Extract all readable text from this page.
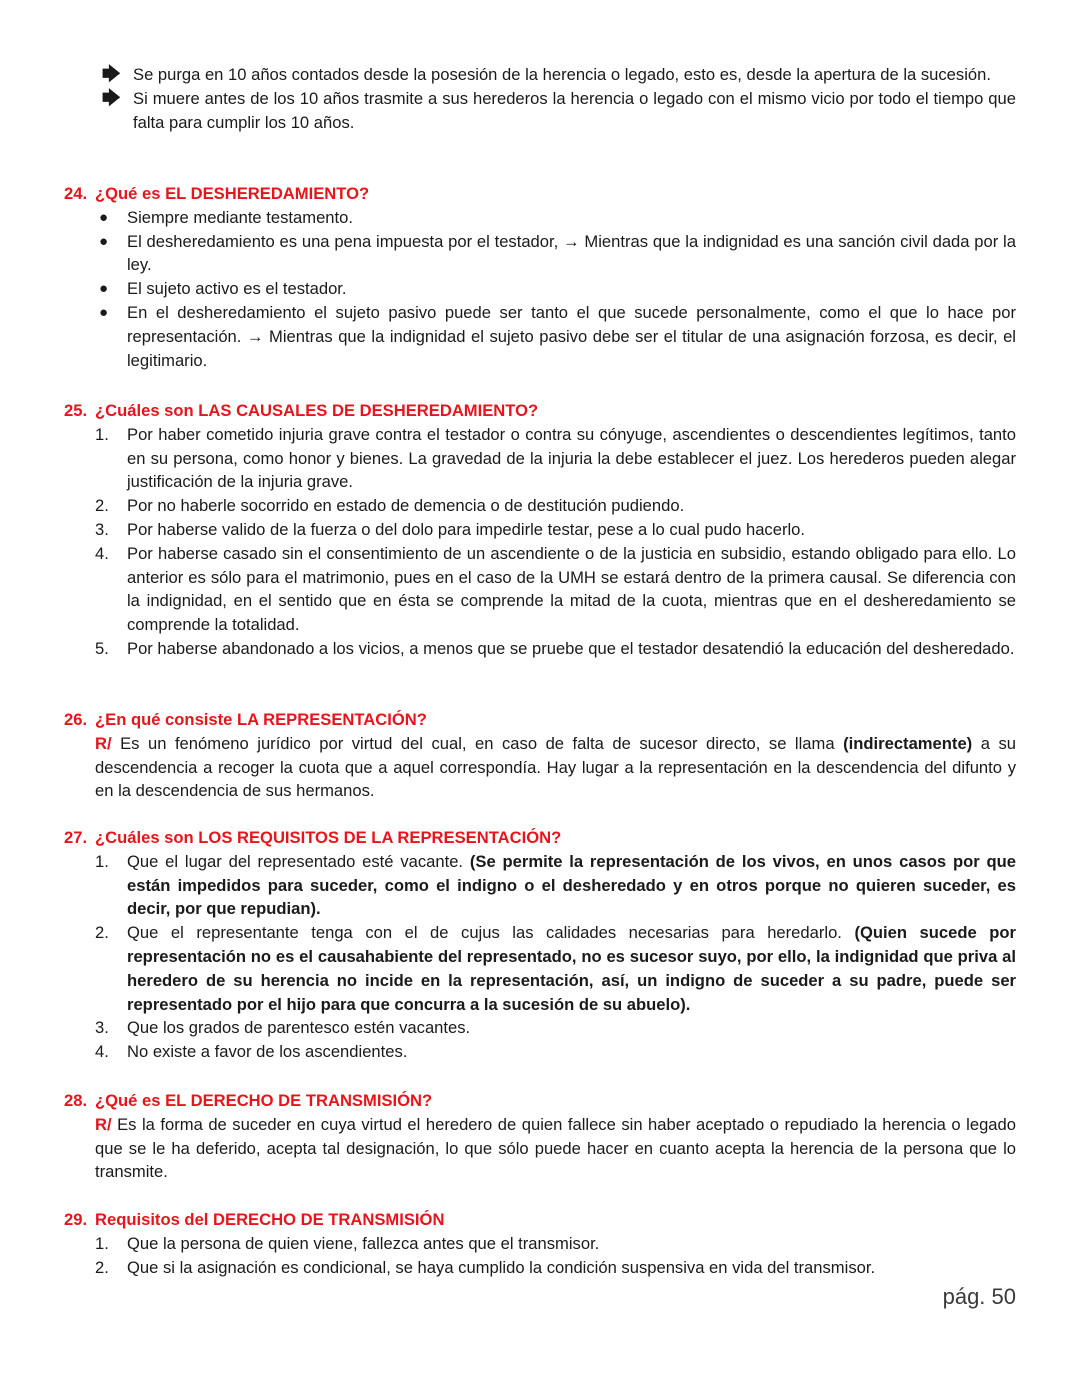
🡆 Se purga en 10 años contados desde la posesión de la herencia o legado, esto es, desde la apertura de la sucesión.
🡆 Si muere antes de los 10 años trasmite a sus herederos la herencia o legado con el mismo vicio por todo el tiempo que falta para cumplir los 10 años.
24. ¿Qué es EL DESHEREDAMIENTO?
● Siempre mediante testamento.
● El desheredamiento es una pena impuesta por el testador, → Mientras que la indignidad es una sanción civil dada por la ley.
● El sujeto activo es el testador.
● En el desheredamiento el sujeto pasivo puede ser tanto el que sucede personalmente, como el que lo hace por representación. → Mientras que la indignidad el sujeto pasivo debe ser el titular de una asignación forzosa, es decir, el legitimario.
25. ¿Cuáles son LAS CAUSALES DE DESHEREDAMIENTO?
1. Por haber cometido injuria grave contra el testador o contra su cónyuge, ascendientes o descendientes legítimos, tanto en su persona, como honor y bienes. La gravedad de la injuria la debe establecer el juez. Los herederos pueden alegar justificación de la injuria grave.
2. Por no haberle socorrido en estado de demencia o de destitución pudiendo.
3. Por haberse valido de la fuerza o del dolo para impedirle testar, pese a lo cual pudo hacerlo.
4. Por haberse casado sin el consentimiento de un ascendiente o de la justicia en subsidio, estando obligado para ello. Lo anterior es sólo para el matrimonio, pues en el caso de la UMH se estará dentro de la primera causal. Se diferencia con la indignidad, en el sentido que en ésta se comprende la mitad de la cuota, mientras que en el desheredamiento se comprende la totalidad.
5. Por haberse abandonado a los vicios, a menos que se pruebe que el testador desatendió la educación del desheredado.
26. ¿En qué consiste LA REPRESENTACIÓN?
R/ Es un fenómeno jurídico por virtud del cual, en caso de falta de sucesor directo, se llama (indirectamente) a su descendencia a recoger la cuota que a aquel correspondía. Hay lugar a la representación en la descendencia del difunto y en la descendencia de sus hermanos.
27. ¿Cuáles son LOS REQUISITOS DE LA REPRESENTACIÓN?
1. Que el lugar del representado esté vacante. (Se permite la representación de los vivos, en unos casos por que están impedidos para suceder, como el indigno o el desheredado y en otros porque no quieren suceder, es decir, por que repudian).
2. Que el representante tenga con el de cujus las calidades necesarias para heredarlo. (Quien sucede por representación no es el causahabiente del representado, no es sucesor suyo, por ello, la indignidad que priva al heredero de su herencia no incide en la representación, así, un indigno de suceder a su padre, puede ser representado por el hijo para que concurra a la sucesión de su abuelo).
3. Que los grados de parentesco estén vacantes.
4. No existe a favor de los ascendientes.
28. ¿Qué es EL DERECHO DE TRANSMISIÓN?
R/ Es la forma de suceder en cuya virtud el heredero de quien fallece sin haber aceptado o repudiado la herencia o legado que se le ha deferido, acepta tal designación, lo que sólo puede hacer en cuanto acepta la herencia de la persona que lo transmite.
29. Requisitos del DERECHO DE TRANSMISIÓN
1. Que la persona de quien viene, fallezca antes que el transmisor.
2. Que si la asignación es condicional, se haya cumplido la condición suspensiva en vida del transmisor.
pág. 50
